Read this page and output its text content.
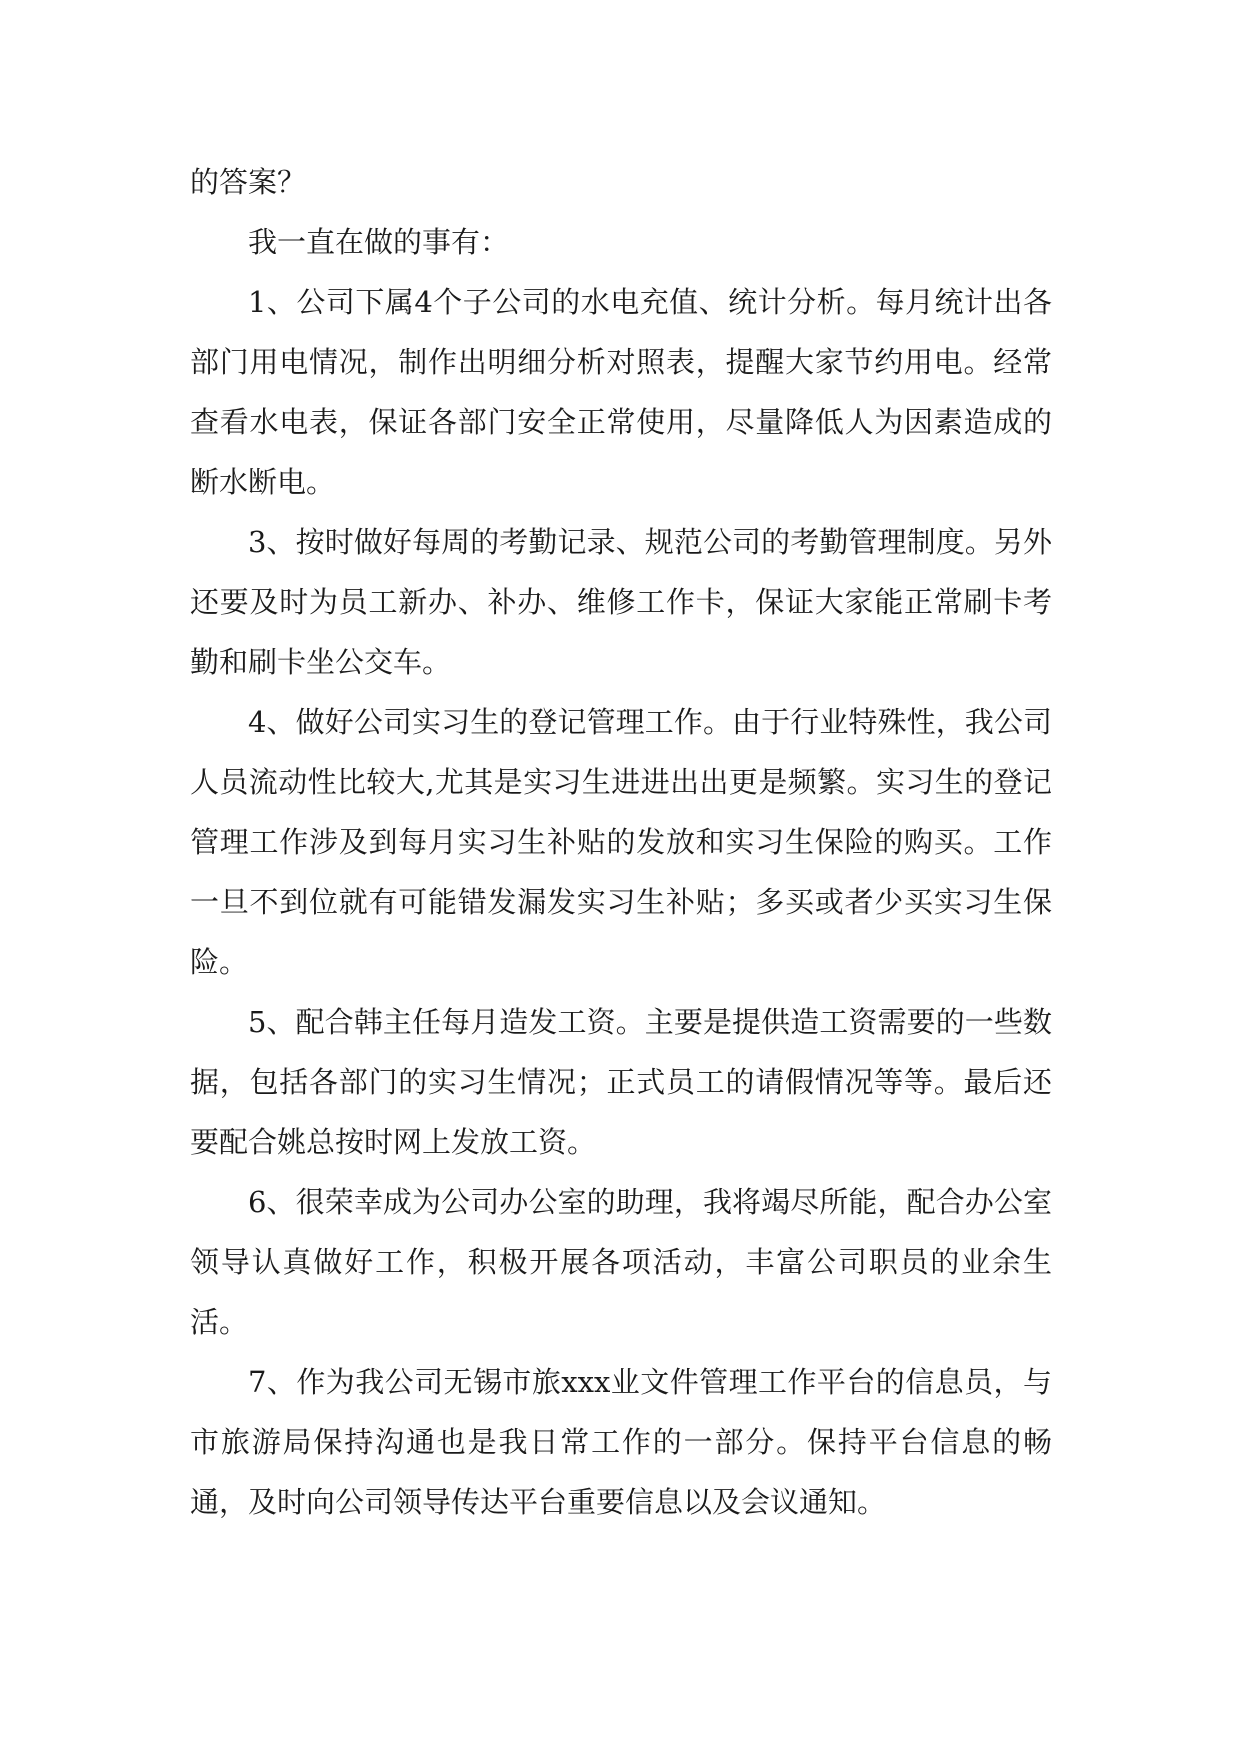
的答案？

我一直在做的事有：

1、公司下属4个子公司的水电充值、统计分析。每月统计出各部门用电情况，制作出明细分析对照表，提醒大家节约用电。经常查看水电表，保证各部门安全正常使用，尽量降低人为因素造成的断水断电。

3、按时做好每周的考勤记录、规范公司的考勤管理制度。另外还要及时为员工新办、补办、维修工作卡，保证大家能正常刷卡考勤和刷卡坐公交车。

4、做好公司实习生的登记管理工作。由于行业特殊性，我公司人员流动性比较大,尤其是实习生进进出出更是频繁。实习生的登记管理工作涉及到每月实习生补贴的发放和实习生保险的购买。工作一旦不到位就有可能错发漏发实习生补贴；多买或者少买实习生保险。

5、配合韩主任每月造发工资。主要是提供造工资需要的一些数据，包括各部门的实习生情况；正式员工的请假情况等等。最后还要配合姚总按时网上发放工资。

6、很荣幸成为公司办公室的助理，我将竭尽所能，配合办公室领导认真做好工作，积极开展各项活动，丰富公司职员的业余生活。

7、作为我公司无锡市旅xxx业文件管理工作平台的信息员，与市旅游局保持沟通也是我日常工作的一部分。保持平台信息的畅通，及时向公司领导传达平台重要信息以及会议通知。
